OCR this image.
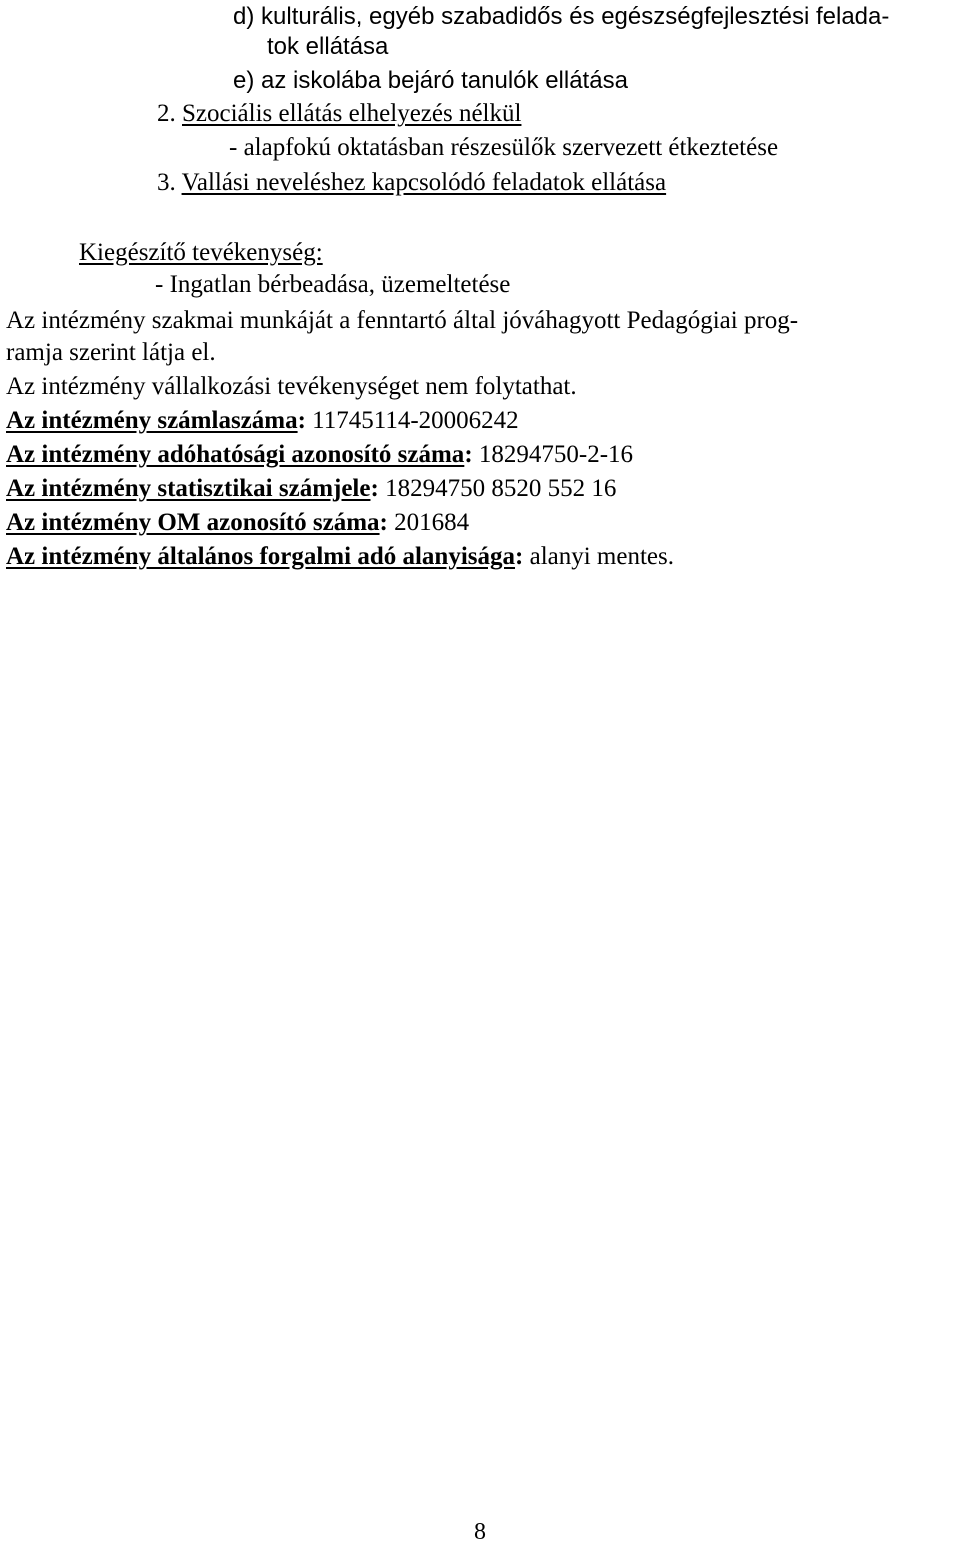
d) kulturális, egyéb szabadidős és egészségfejlesztési felada-
tok ellátása
e) az iskolába bejáró tanulók ellátása
2. Szociális ellátás elhelyezés nélkül
- alapfokú oktatásban részesülők szervezett étkeztetése
3. Vallási neveléshez kapcsolódó feladatok ellátása
Kiegészítő tevékenység:
- Ingatlan bérbeadása, üzemeltetése
Az intézmény szakmai munkáját a fenntartó által jóváhagyott Pedagógiai prog-
ramja szerint látja el.
Az intézmény vállalkozási tevékenységet nem folytathat.
Az intézmény számlaszáma: 11745114-20006242
Az intézmény adóhatósági azonosító száma: 18294750-2-16
Az intézmény statisztikai számjele: 18294750 8520 552 16
Az intézmény OM azonosító száma: 201684
Az intézmény általános forgalmi adó alanyisága: alanyi mentes.
8
